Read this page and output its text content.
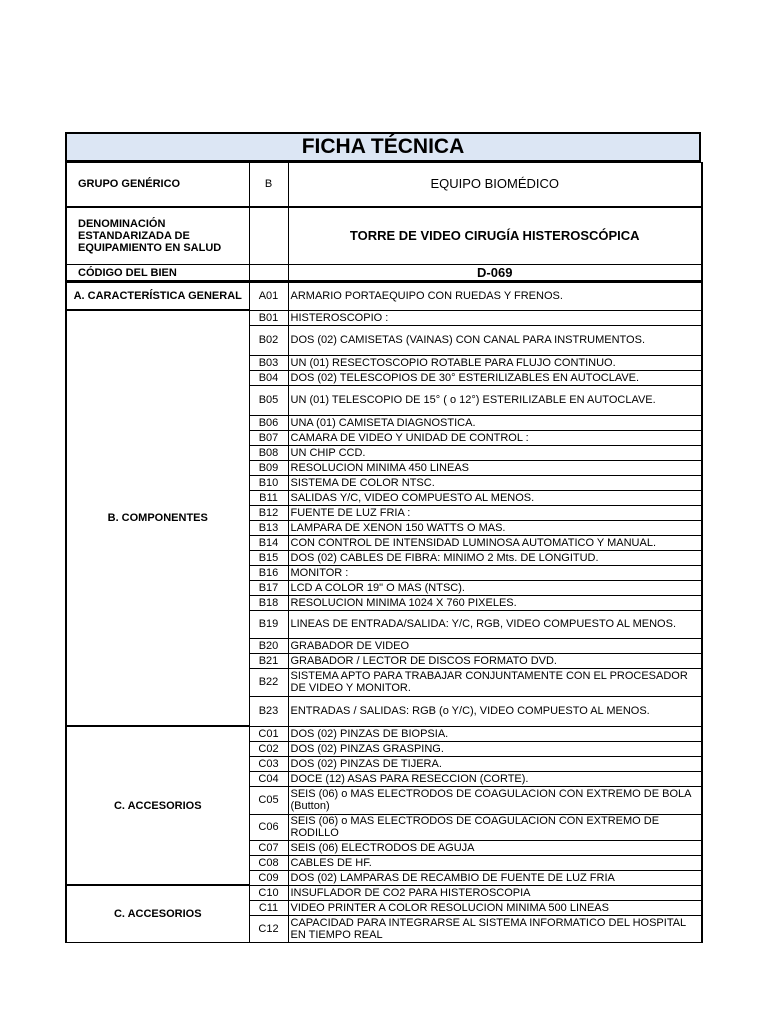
FICHA TÉCNICA
GRUPO GENÉRICO	B	EQUIPO BIOMÉDICO
DENOMINACIÓN ESTANDARIZADA DE EQUIPAMIENTO EN SALUD		TORRE DE VIDEO CIRUGÍA HISTEROSCÓPICA
CÓDIGO DEL BIEN		D-069
A. CARACTERÍSTICA GENERAL	A01	ARMARIO PORTAEQUIPO CON RUEDAS Y FRENOS.
B. COMPONENTES	B01	HISTEROSCOPIO :
	B02	DOS (02) CAMISETAS (VAINAS) CON CANAL PARA INSTRUMENTOS.
	B03	UN (01) RESECTOSCOPIO ROTABLE PARA FLUJO CONTINUO.
	B04	DOS (02) TELESCOPIOS DE 30° ESTERILIZABLES EN AUTOCLAVE.
	B05	UN (01) TELESCOPIO DE 15° ( o 12°) ESTERILIZABLE EN AUTOCLAVE.
	B06	UNA (01) CAMISETA DIAGNOSTICA.
	B07	CAMARA DE VIDEO Y UNIDAD DE CONTROL :
	B08	UN CHIP CCD.
	B09	RESOLUCION MINIMA 450 LINEAS
	B10	SISTEMA DE COLOR NTSC.
	B11	SALIDAS Y/C, VIDEO COMPUESTO AL MENOS.
	B12	FUENTE DE LUZ FRIA :
	B13	LAMPARA DE XENON 150 WATTS O MAS.
	B14	CON CONTROL DE INTENSIDAD LUMINOSA AUTOMATICO Y MANUAL.
	B15	DOS (02) CABLES DE FIBRA: MINIMO 2 Mts. DE LONGITUD.
	B16	MONITOR :
	B17	LCD A COLOR 19" O MAS (NTSC).
	B18	RESOLUCION MINIMA 1024 X 760 PIXELES.
	B19	LINEAS DE ENTRADA/SALIDA: Y/C, RGB, VIDEO COMPUESTO AL MENOS.
	B20	GRABADOR DE VIDEO
	B21	GRABADOR / LECTOR DE DISCOS FORMATO DVD.
	B22	SISTEMA APTO PARA TRABAJAR CONJUNTAMENTE CON EL PROCESADOR DE VIDEO Y MONITOR.
	B23	ENTRADAS / SALIDAS: RGB (o Y/C), VIDEO COMPUESTO AL MENOS.
C. ACCESORIOS	C01	DOS (02) PINZAS DE BIOPSIA.
	C02	DOS (02) PINZAS GRASPING.
	C03	DOS (02) PINZAS DE TIJERA.
	C04	DOCE (12) ASAS PARA RESECCION (CORTE).
	C05	SEIS (06) o MAS ELECTRODOS DE COAGULACION CON EXTREMO DE BOLA (Button)
	C06	SEIS (06) o MAS ELECTRODOS DE COAGULACION CON EXTREMO DE RODILLO
	C07	SEIS (06) ELECTRODOS DE AGUJA
	C08	CABLES DE HF.
	C09	DOS (02) LAMPARAS DE RECAMBIO DE FUENTE DE LUZ FRIA
C. ACCESORIOS	C10	INSUFLADOR DE CO2 PARA HISTEROSCOPIA
	C11	VIDEO PRINTER A COLOR RESOLUCION MINIMA 500 LINEAS
	C12	CAPACIDAD PARA INTEGRARSE AL SISTEMA INFORMATICO DEL HOSPITAL EN TIEMPO REAL
